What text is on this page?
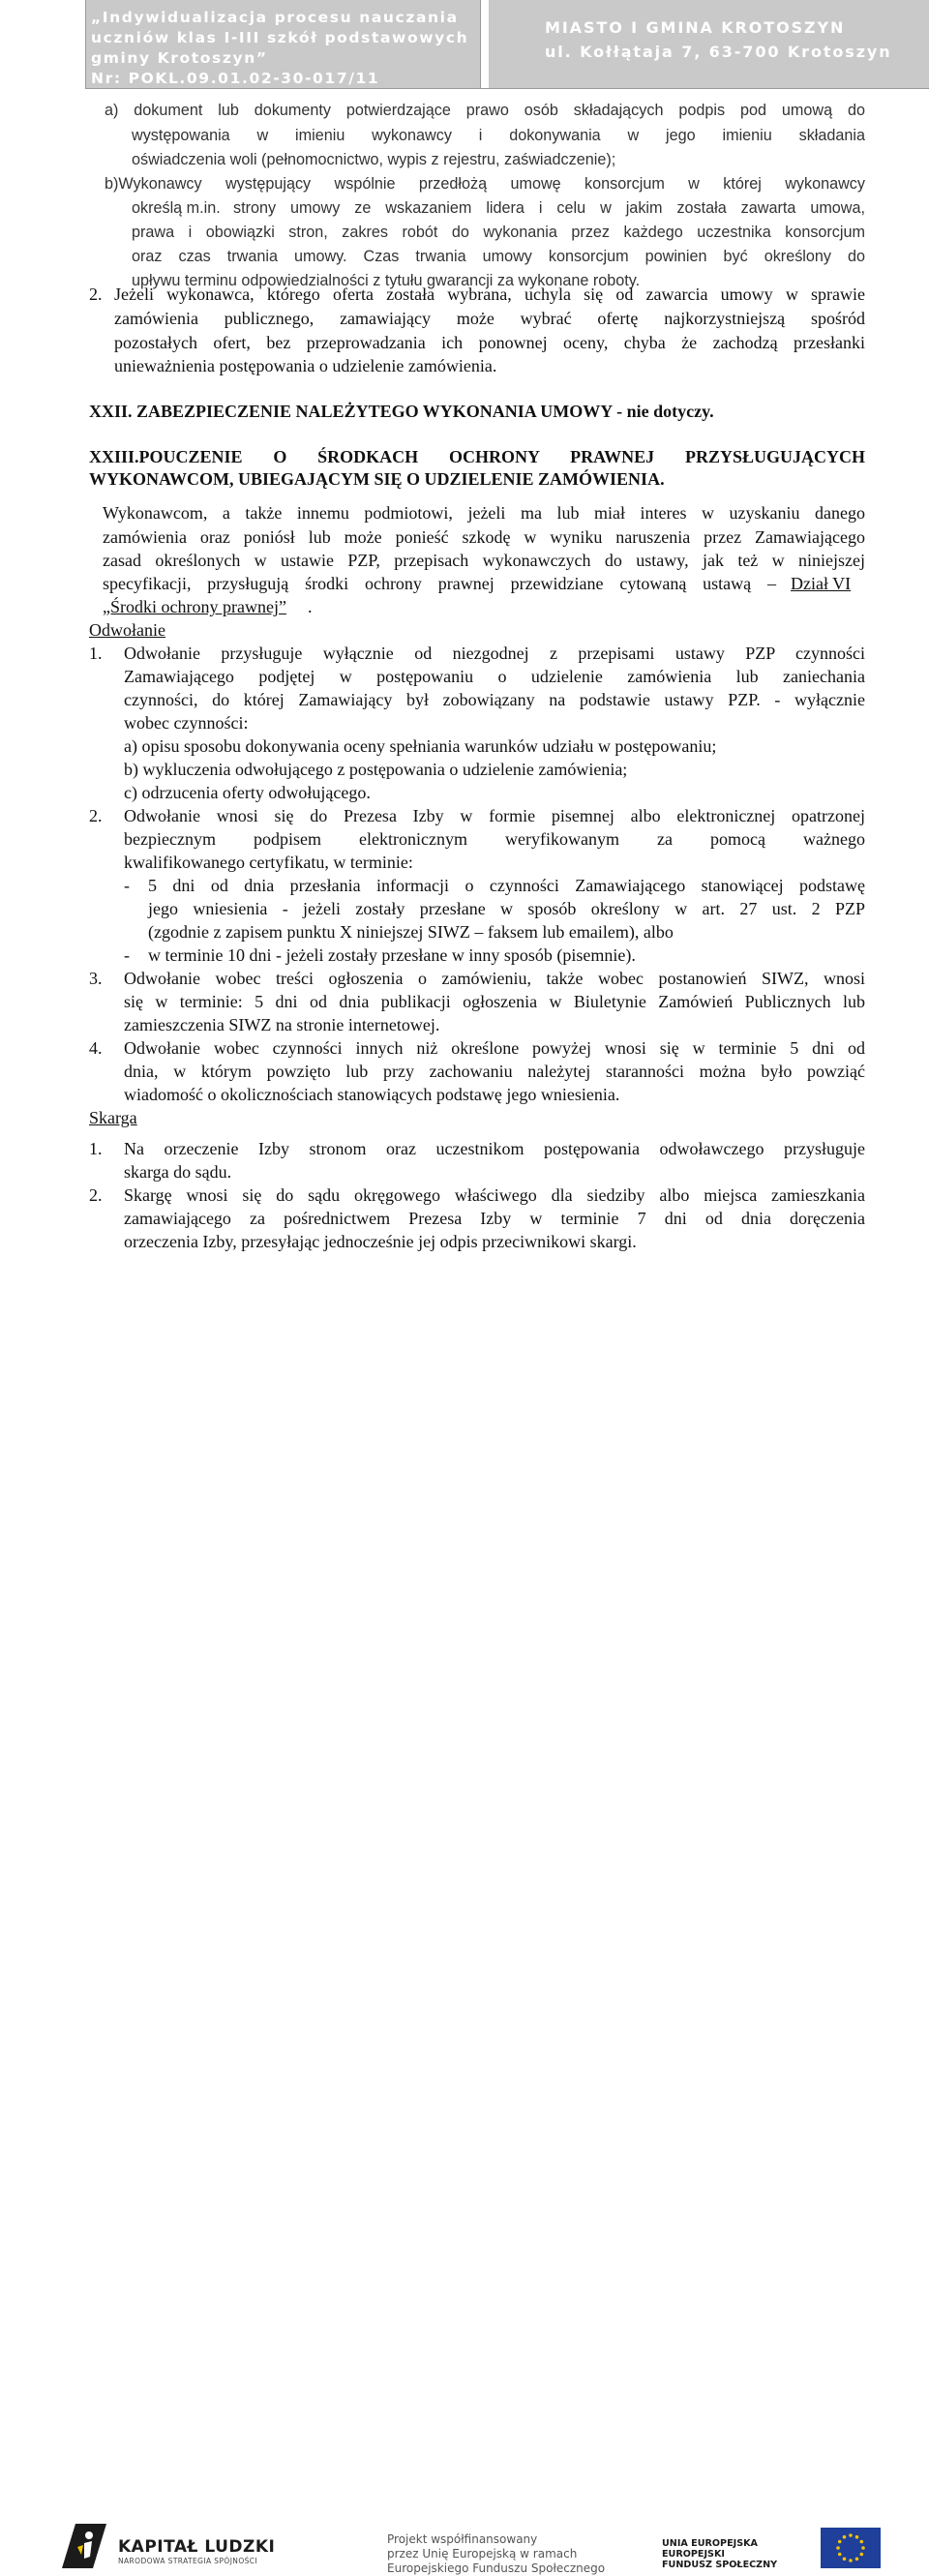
„Indywidualizacja procesu nauczania
uczniów klas I-III szkół podstawowych
gminy Krotoszyn”
Nr: POKL.09.01.02-30-017/11
MIASTO I GMINA KROTOSZYN
ul. Kołłątaja 7, 63-700 Krotoszyn
a) dokument lub dokumenty potwierdzające prawo osób składających podpis pod umową do
występowania w imieniu wykonawcy i dokonywania w jego imieniu składania
oświadczenia woli (pełnomocnictwo, wypis z rejestru, zaświadczenie);
b)Wykonawcy występujący wspólnie przedłożą umowę konsorcjum w której wykonawcy
określą m.in. strony umowy ze wskazaniem lidera i celu w jakim została zawarta umowa,
prawa i obowiązki stron, zakres robót do wykonania przez każdego uczestnika konsorcjum
oraz czas trwania umowy. Czas trwania umowy konsorcjum powinien być określony do
upływu terminu odpowiedzialności z tytułu gwarancji za wykonane roboty.
2. Jeżeli wykonawca, którego oferta została wybrana, uchyla się od zawarcia umowy w sprawie
zamówienia publicznego, zamawiający może wybrać ofertę najkorzystniejszą spośród
pozostałych ofert, bez przeprowadzania ich ponownej oceny, chyba że zachodzą przesłanki
unieważnienia postępowania o udzielenie zamówienia.
XXII. ZABEZPIECZENIE NALEŻYTEGO WYKONANIA UMOWY - nie dotyczy.
XXIII.POUCZENIE O ŚRODKACH OCHRONY PRAWNEJ PRZYSŁUGUJĄCYCH
WYKONAWCOM, UBIEGAJĄCYM SIĘ O UDZIELENIE ZAMÓWIENIA.
Wykonawcom, a także innemu podmiotowi, jeżeli ma lub miał interes w uzyskaniu danego
zamówienia oraz poniósł lub może ponieść szkodę w wyniku naruszenia przez Zamawiającego
zasad określonych w ustawie PZP, przepisach wykonawczych do ustawy, jak też w niniejszej
specyfikacji, przysługują środki ochrony prawnej przewidziane cytowaną ustawą – Dział VI
„Środki ochrony prawnej” .
Odwołanie
1. Odwołanie przysługuje wyłącznie od niezgodnej z przepisami ustawy PZP czynności
Zamawiającego podjętej w postępowaniu o udzielenie zamówienia lub zaniechania
czynności, do której Zamawiający był zobowiązany na podstawie ustawy PZP. - wyłącznie
wobec czynności:
a) opisu sposobu dokonywania oceny spełniania warunków udziału w postępowaniu;
b) wykluczenia odwołującego z postępowania o udzielenie zamówienia;
c) odrzucenia oferty odwołującego.
2. Odwołanie wnosi się do Prezesa Izby w formie pisemnej albo elektronicznej opatrzonej
bezpiecznym podpisem elektronicznym weryfikowanym za pomocą ważnego
kwalifikowanego certyfikatu, w terminie:
- 5 dni od dnia przesłania informacji o czynności Zamawiającego stanowiącej podstawę
jego wniesienia - jeżeli zostały przesłane w sposób określony w art. 27 ust. 2 PZP
(zgodnie z zapisem punktu X niniejszej SIWZ – faksem lub emailem), albo
- w terminie 10 dni - jeżeli zostały przesłane w inny sposób (pisemnie).
3. Odwołanie wobec treści ogłoszenia o zamówieniu, także wobec postanowień SIWZ, wnosi
się w terminie: 5 dni od dnia publikacji ogłoszenia w Biuletynie Zamówień Publicznych lub
zamieszczenia SIWZ na stronie internetowej.
4. Odwołanie wobec czynności innych niż określone powyżej wnosi się w terminie 5 dni od
dnia, w którym powzięto lub przy zachowaniu należytej staranności można było powziąć
wiadomość o okolicznościach stanowiących podstawę jego wniesienia.
Skarga
1. Na orzeczenie Izby stronom oraz uczestnikom postępowania odwoławczego przysługuje
skarga do sądu.
2. Skargę wnosi się do sądu okręgowego właściwego dla siedziby albo miejsca zamieszkania
zamawiającego za pośrednictwem Prezesa Izby w terminie 7 dni od dnia doręczenia
orzeczenia Izby, przesyłając jednocześnie jej odpis przeciwnikowi skargi.
KAPITAŁ LUDZKI
NARODOWA STRATEGIA SPÓJNOŚCI
Projekt współfinansowany
przez Unię Europejską w ramach
Europejskiego Funduszu Społecznego
UNIA EUROPEJSKA
EUROPEJSKI
FUNDUSZ SPOŁECZNY
